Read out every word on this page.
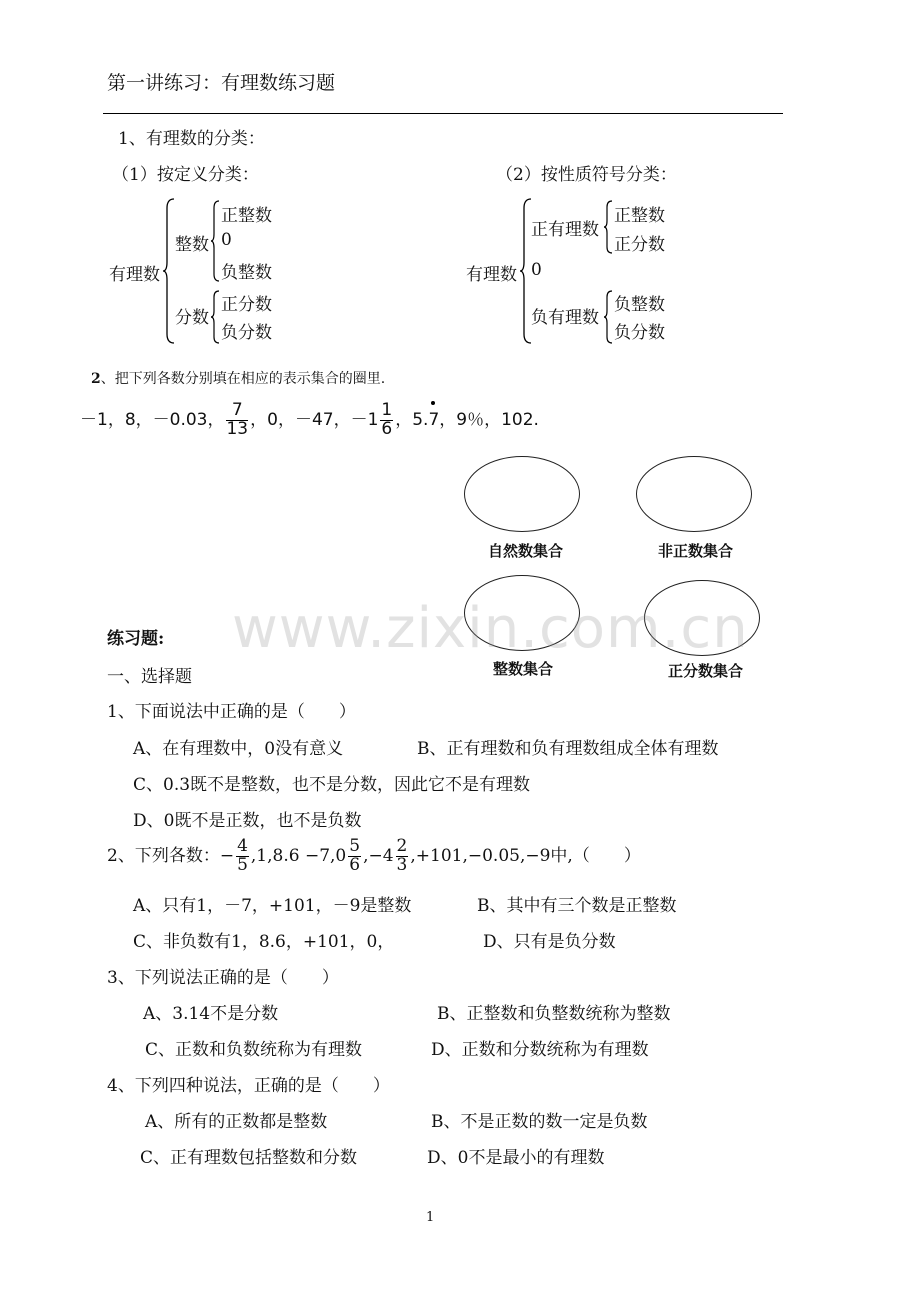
第一讲练习：有理数练习题
1、有理数的分类：
（1）按定义分类：	（2）按性质符号分类：
有理数
整数
正整数
0
负整数
分数
正分数
负分数
有理数
正有理数
正整数
正分数
0
负有理数
负整数
负分数
2、把下列各数分别填在相应的表示集合的圈里.
－1，8，－0.03， $\frac{7}{13}$ ，0，－47，$-1 \frac{1}{6}$ ，5.7，9％，102.
自然数集合	非正数集合
整数集合	正分数集合
www.zixin.com.cn
练习题:
一、选择题
1、下面说法中正确的是（　　）
A、在有理数中，0没有意义	B、正有理数和负有理数组成全体有理数
C、0.3既不是整数，也不是分数，因此它不是有理数
D、0既不是正数，也不是负数
2、下列各数：− $\frac{4}{5} ,1,8.6 -7,0 \frac{5}{6} ,-4 \frac{2}{3} ,+101,-0.05,-9$中,（　　）
A、只有1，－7，+101，－9是整数	B、其中有三个数是正整数
C、非负数有1，8.6，+101，0，	D、只有是负分数
3、下列说法正确的是（　　）
A、3.14不是分数	B、正整数和负整数统称为整数
C、正数和负数统称为有理数	D、正数和分数统称为有理数
4、下列四种说法，正确的是（　　）
A、所有的正数都是整数	B、不是正数的数一定是负数
C、正有理数包括整数和分数	D、0不是最小的有理数
1
